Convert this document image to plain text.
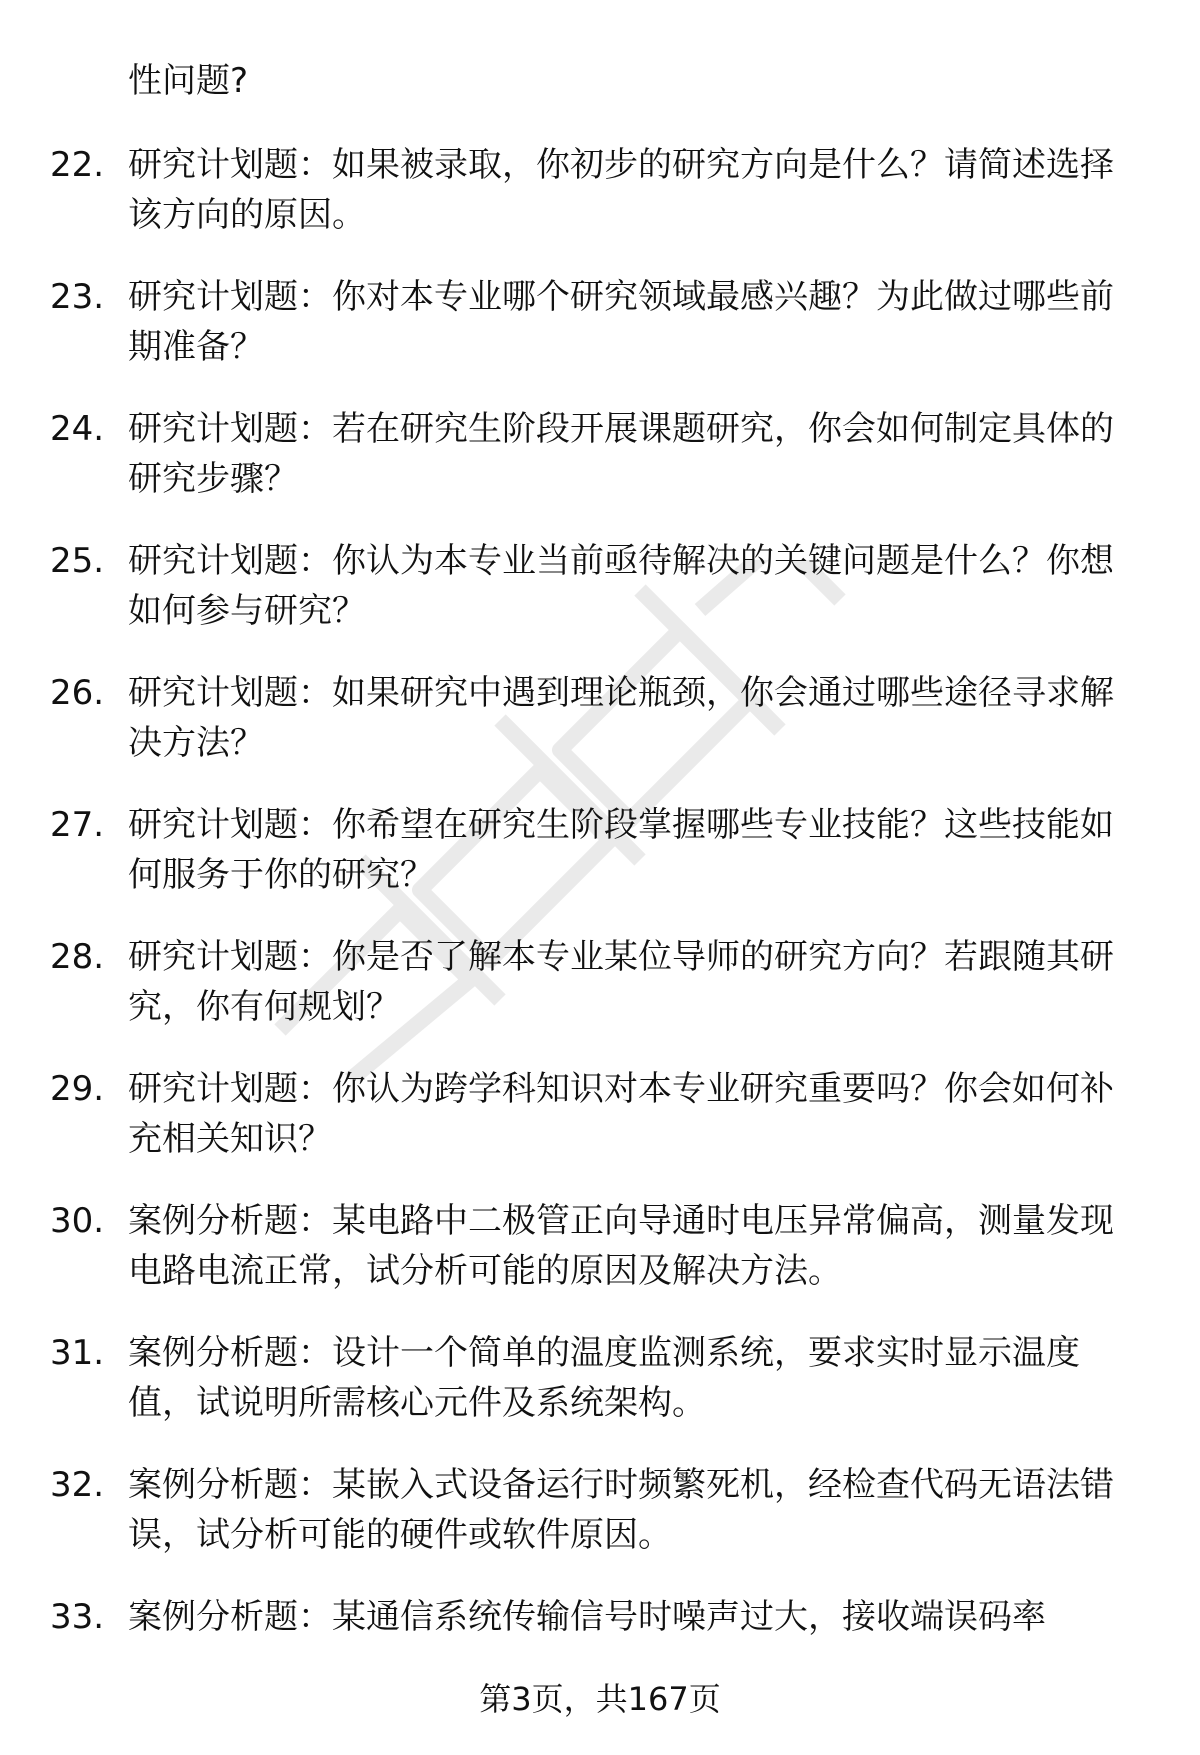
性问题?

22. 研究计划题：如果被录取，你初步的研究方向是什么？请简述选择该方向的原因。
23. 研究计划题：你对本专业哪个研究领域最感兴趣？为此做过哪些前期准备？
24. 研究计划题：若在研究生阶段开展课题研究，你会如何制定具体的研究步骤？
25. 研究计划题：你认为本专业当前亟待解决的关键问题是什么？你想如何参与研究？
26. 研究计划题：如果研究中遇到理论瓶颈，你会通过哪些途径寻求解决方法？
27. 研究计划题：你希望在研究生阶段掌握哪些专业技能？这些技能如何服务于你的研究？
28. 研究计划题：你是否了解本专业某位导师的研究方向？若跟随其研究，你有何规划？
29. 研究计划题：你认为跨学科知识对本专业研究重要吗？你会如何补充相关知识？
30. 案例分析题：某电路中二极管正向导通时电压异常偏高，测量发现电路电流正常，试分析可能的原因及解决方法。
31. 案例分析题：设计一个简单的温度监测系统，要求实时显示温度值，试说明所需核心元件及系统架构。
32. 案例分析题：某嵌入式设备运行时频繁死机，经检查代码无语法错误，试分析可能的硬件或软件原因。
33. 案例分析题：某通信系统传输信号时噪声过大，接收端误码率
第3页，共167页
